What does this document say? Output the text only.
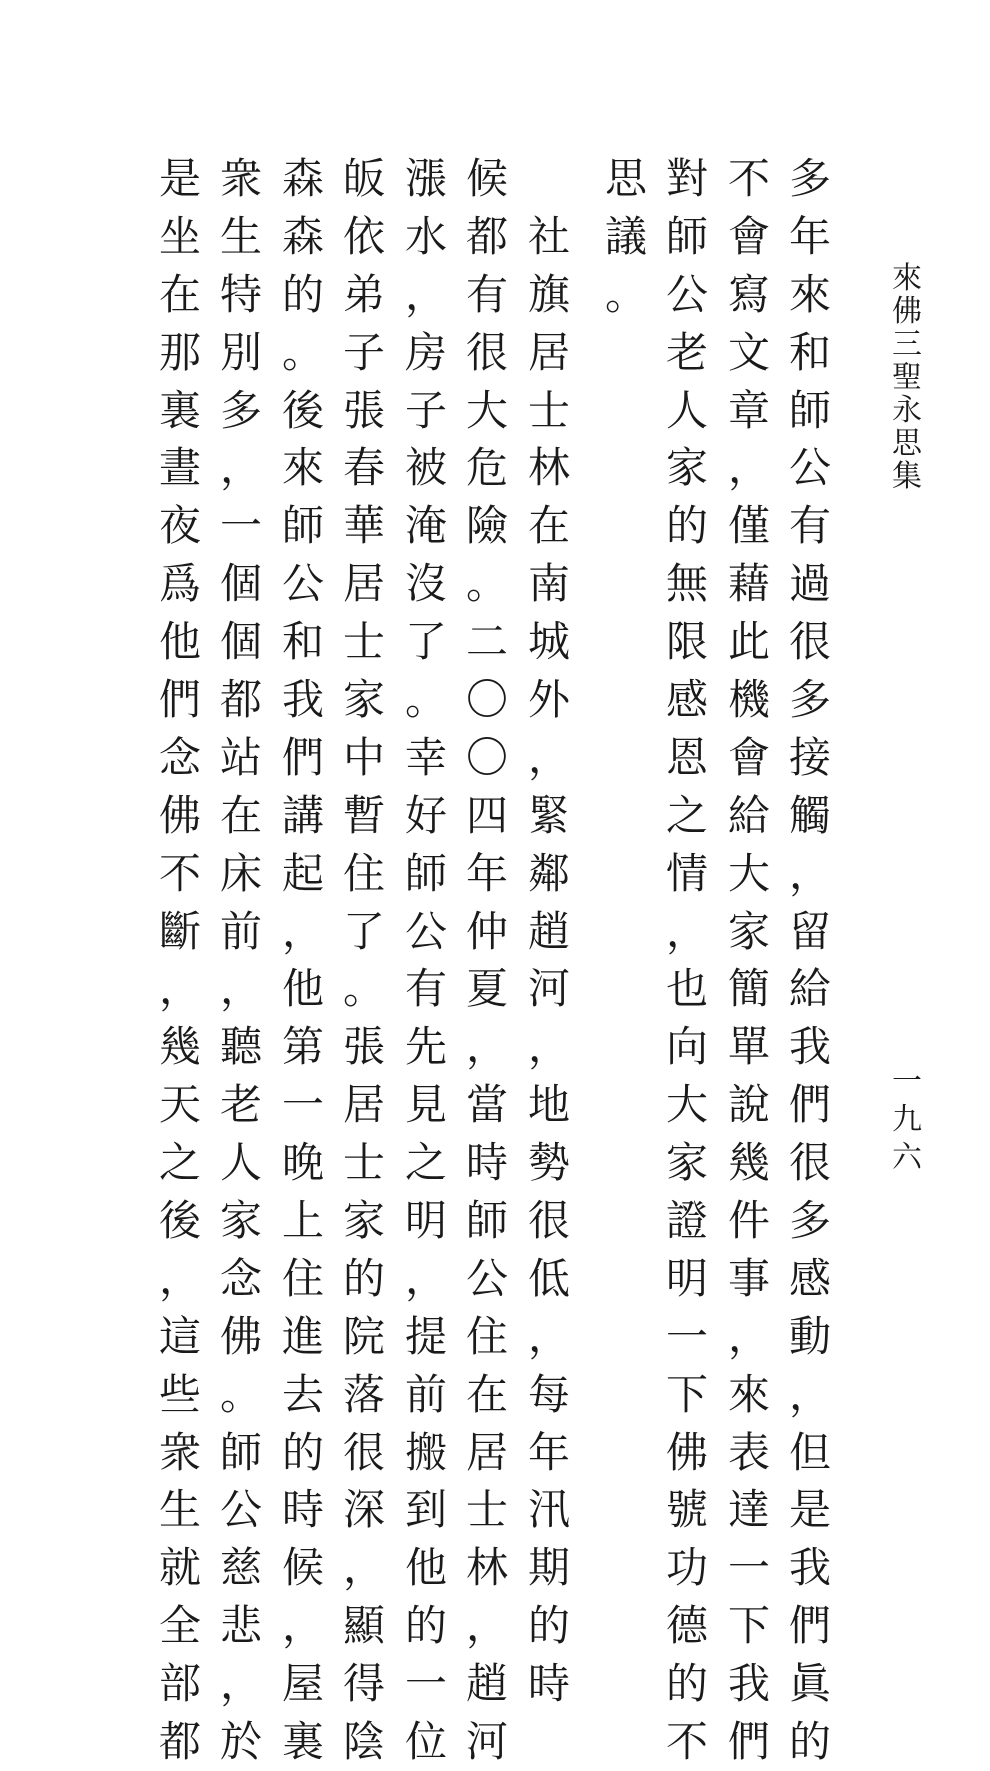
來
佛
三
聖
永
思
集
一
九
六
多
年
來
和
師
公
有
過
很
多
接
觸
，
留
給
我
們
很
多
感
動
，
但
是
我
們
眞
的
不
會
寫
文
章
，
僅
藉
此
機
會
給
大
家
簡
單
說
幾
件
事
，
來
表
達
一
下
我
們
對
師
公
老
人
家
的
無
限
感
恩
之
情
，
也
向
大
家
證
明
一
下
佛
號
功
德
的
不
思
議
。

社
旗
居
士
林
在
南
城
外
，
緊
鄰
趙
河
，
地
勢
很
低
，
每
年
汛
期
的
時
候
都
有
很
大
危
險
。
二
〇
〇
四
年
仲
夏
，
當
時
師
公
住
在
居
士
林
，
趙
河
漲
水
，
房
子
被
淹
沒
了
。
幸
好
師
公
有
先
見
之
明
，
提
前
搬
到
他
的
一
位
皈
依
弟
子
張
春
華
居
士
家
中
暫
住
了
。
張
居
士
家
的
院
落
很
深
，
顯
得
陰
森
森
的
。
後
來
師
公
和
我
們
講
起
，
他
第
一
晚
上
住
進
去
的
時
候
，
屋
裏
衆
生
特
別
多
，
一
個
個
都
站
在
床
前
，
聽
老
人
家
念
佛
。
師
公
慈
悲
，
於
是
坐
在
那
裏
晝
夜
爲
他
們
念
佛
不
斷
，
幾
天
之
後
，
這
些
衆
生
就
全
部
都
